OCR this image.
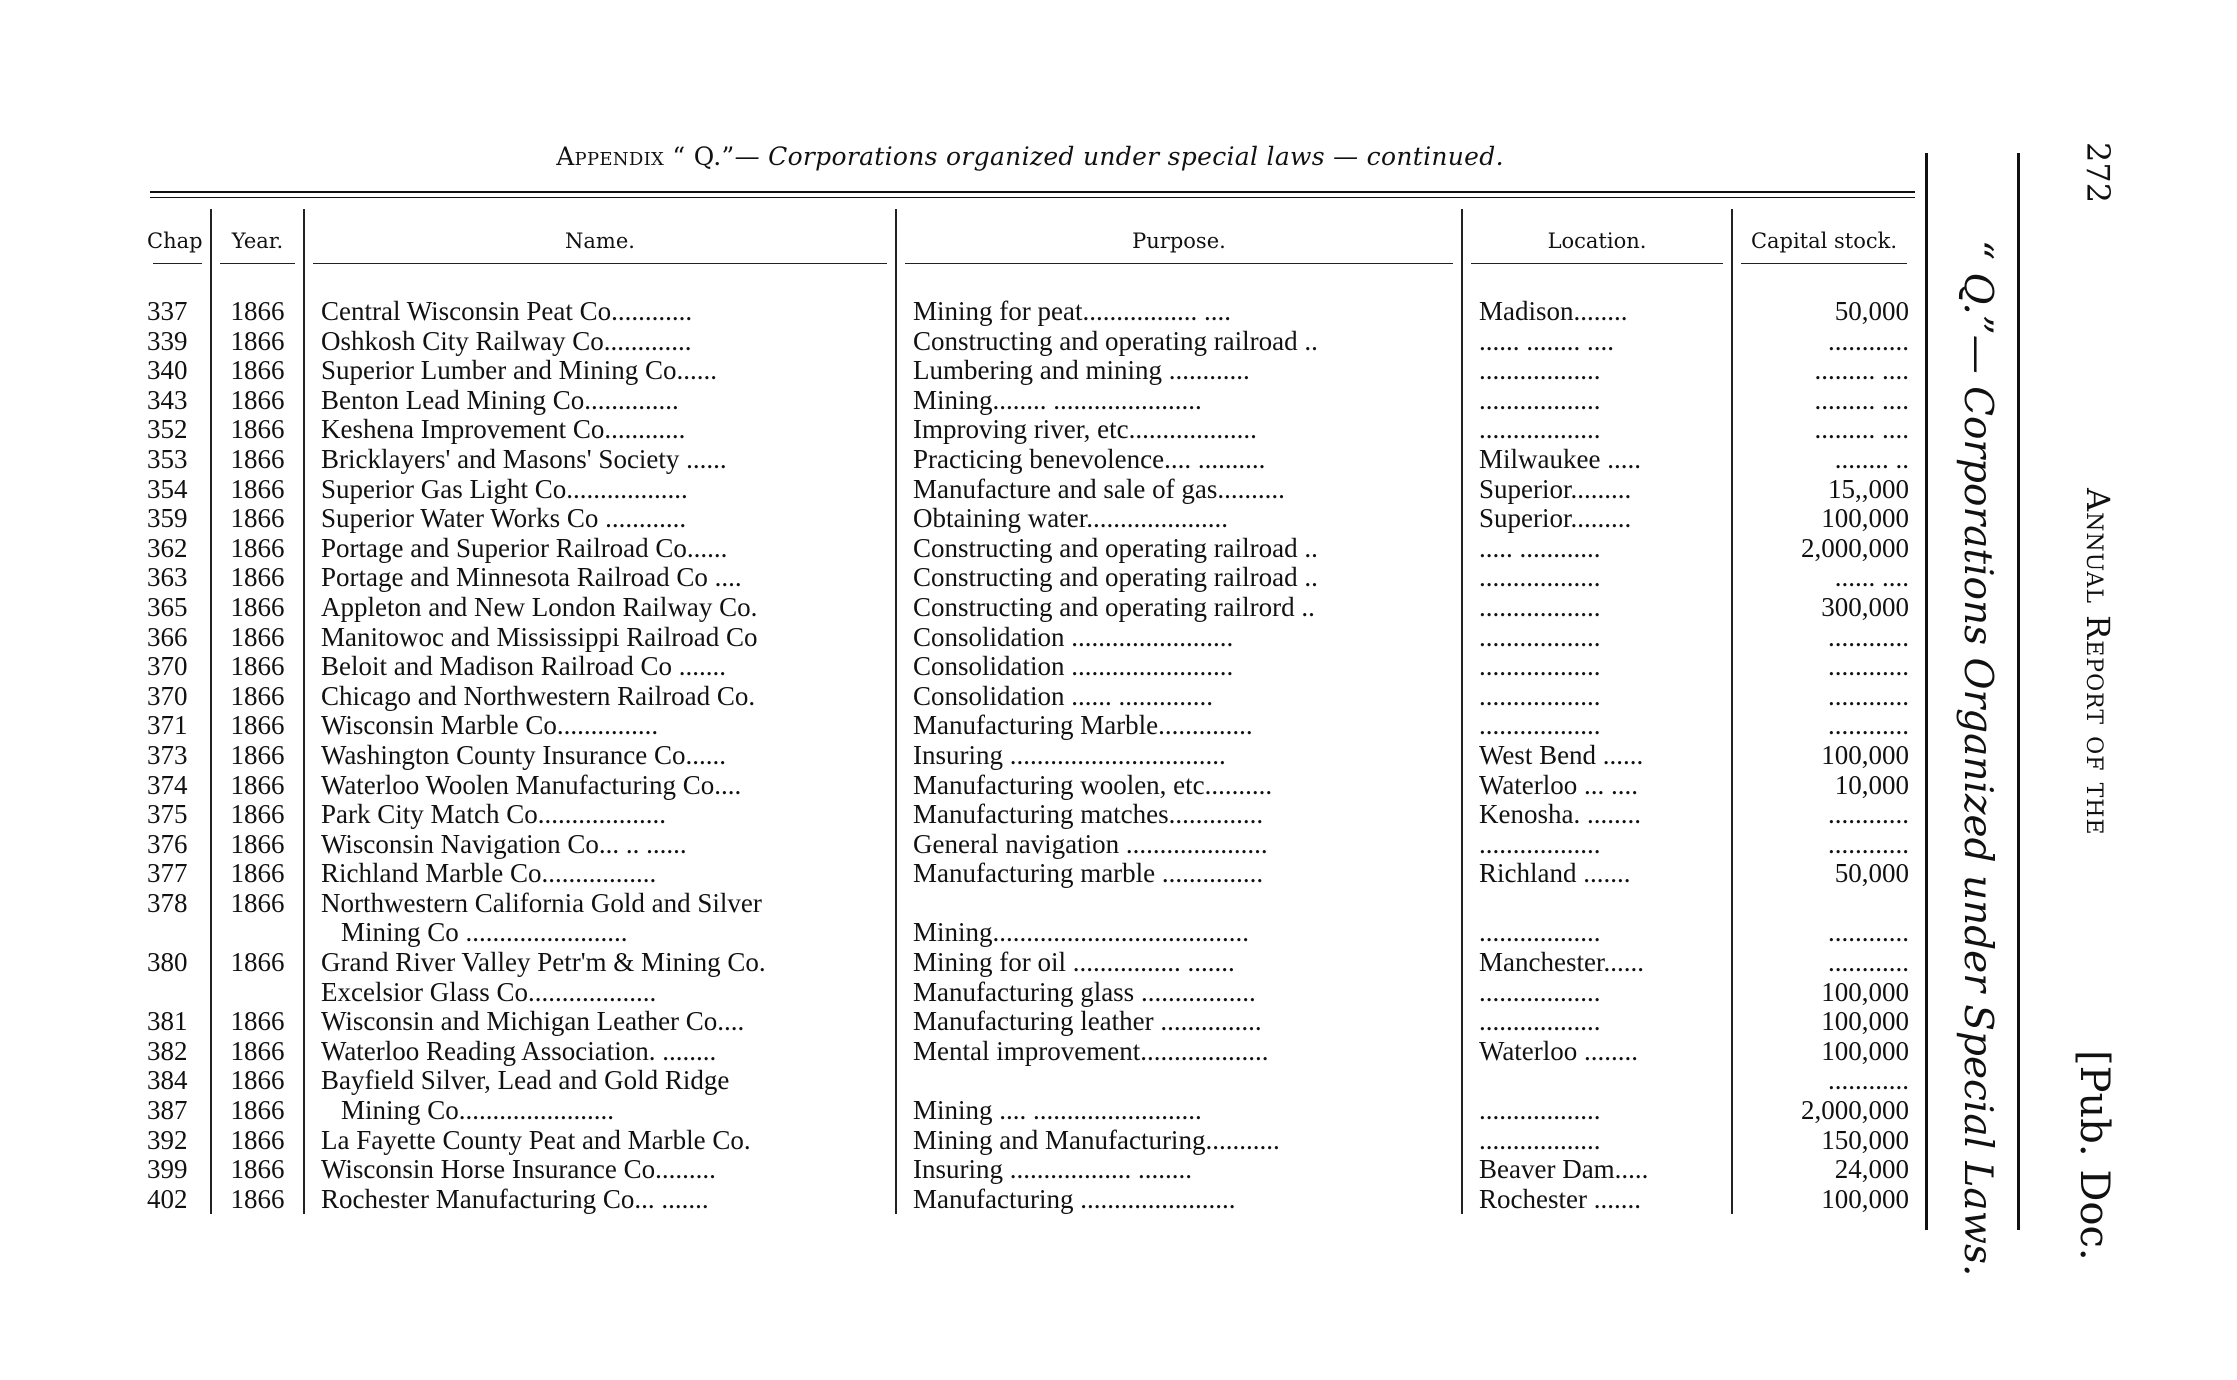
Appendix “ Q.”— Corporations organized under special laws — continued.
Chap	Year.	Name.	Purpose.	Location.	Capital stock.

337	1866	Central Wisconsin Peat Co............	Mining for peat................. ....	Madison........	50,000
339	1866	Oshkosh City Railway Co.............	Constructing and operating railroad ..	...... ........ ....	............
340	1866	Superior Lumber and Mining Co......	Lumbering and mining ............	..................	......... ....
343	1866	Benton Lead Mining Co..............	Mining........ ......................	..................	......... ....
352	1866	Keshena Improvement Co............	Improving river, etc...................	..................	......... ....
353	1866	Bricklayers' and Masons' Society ......	Practicing benevolence.... ..........	Milwaukee .....	........ ..
354	1866	Superior Gas Light Co..................	Manufacture and sale of gas..........	Superior.........	15,,000
359	1866	Superior Water Works Co ............	Obtaining water.....................	Superior.........	100,000
362	1866	Portage and Superior Railroad Co......	Constructing and operating railroad ..	..... ............	2,000,000
363	1866	Portage and Minnesota Railroad Co ....	Constructing and operating railroad ..	..................	...... ....
365	1866	Appleton and New London Railway Co.	Constructing and operating railrord ..	..................	300,000
366	1866	Manitowoc and Mississippi Railroad Co	Consolidation ........................	..................	............
370	1866	Beloit and Madison Railroad Co .......	Consolidation ........................	..................	............
370	1866	Chicago and Northwestern Railroad Co.	Consolidation ...... ..............	..................	............
371	1866	Wisconsin Marble Co...............	Manufacturing Marble..............	..................	............
373	1866	Washington County Insurance Co......	Insuring ................................	West Bend ......	100,000
374	1866	Waterloo Woolen Manufacturing Co....	Manufacturing woolen, etc..........	Waterloo ... ....	10,000
375	1866	Park City Match Co...................	Manufacturing matches..............	Kenosha. ........	............
376	1866	Wisconsin Navigation Co... .. ......	General navigation .....................	..................	............
377	1866	Richland Marble Co.................	Manufacturing marble ...............	Richland .......	50,000
378	1866	Northwestern California Gold and Silver			
		Mining Co ........................	Mining......................................	..................	............
380	1866	Grand River Valley Petr'm & Mining Co.	Mining for oil ................ .......	Manchester......	............
		Excelsior Glass Co...................	Manufacturing glass .................	..................	100,000
381	1866	Wisconsin and Michigan Leather Co....	Manufacturing leather ...............	..................	100,000
382	1866	Waterloo Reading Association. ........	Mental improvement...................	Waterloo ........	100,000
384	1866	Bayfield Silver, Lead and Gold Ridge			............
387	1866	Mining Co.......................	Mining .... .........................	..................	2,000,000
392	1866	La Fayette County Peat and Marble Co.	Mining and Manufacturing...........	..................	150,000
399	1866	Wisconsin Horse Insurance Co.........	Insuring .................. ........	Beaver Dam.....	24,000
402	1866	Rochester Manufacturing Co... .......	Manufacturing .......................	Rochester .......	100,000 “ Q.”— Corporations Organized under Special Laws. Annual Report of the
[Pub. Doc.
272
